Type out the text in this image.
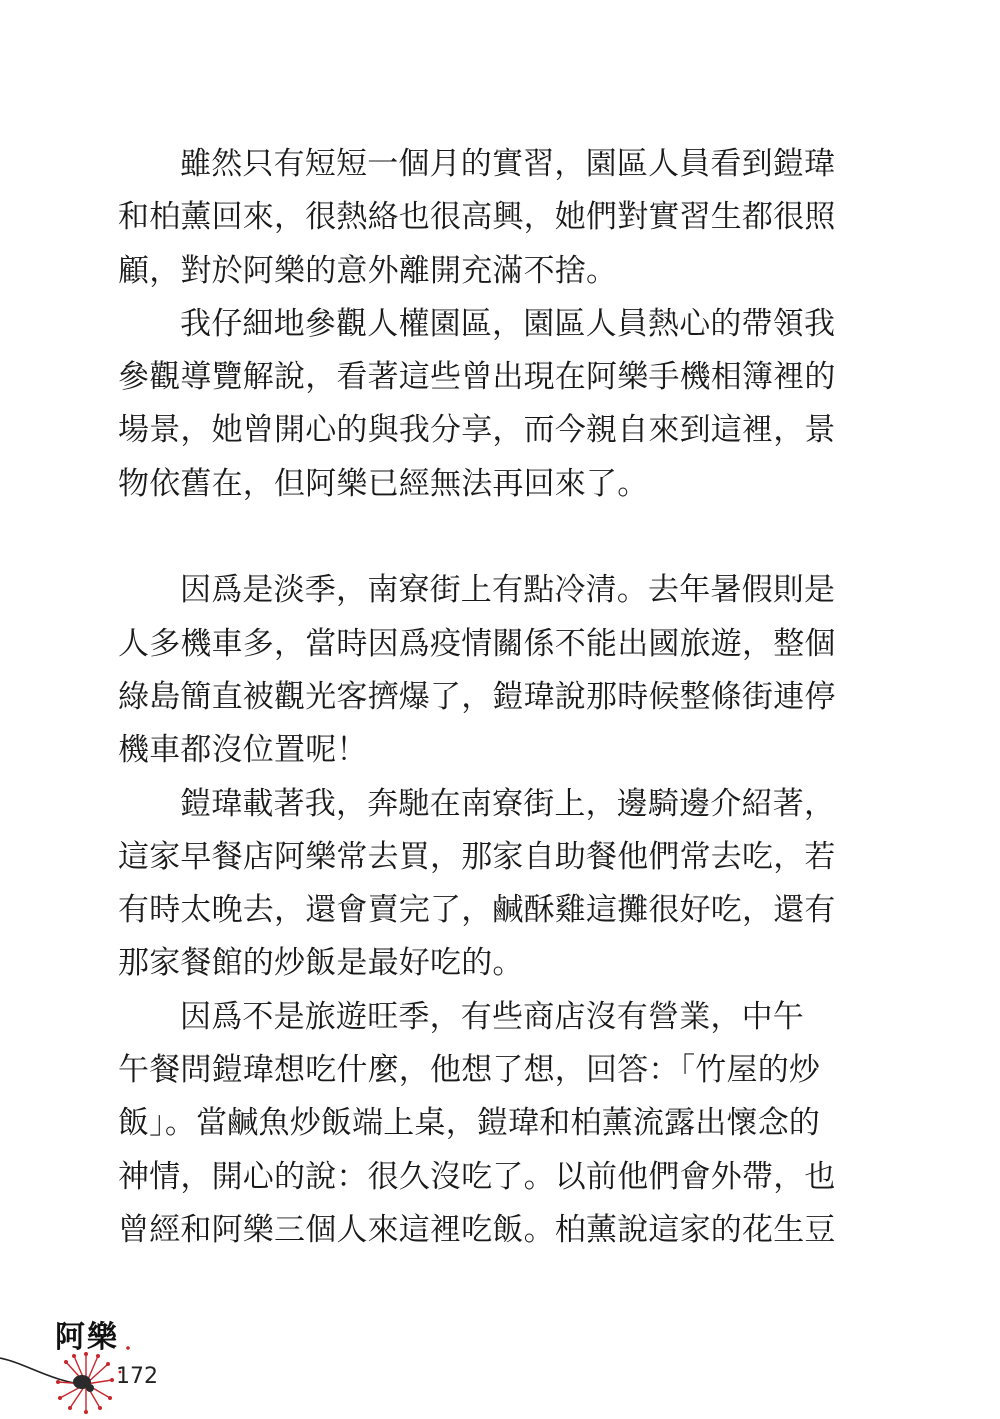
雖然只有短短一個月的實習，園區人員看到鎧瑋
和柏薰回來，很熱絡也很高興，她們對實習生都很照
顧，對於阿樂的意外離開充滿不捨。
我仔細地參觀人權園區，園區人員熱心的帶領我
參觀導覽解說，看著這些曾出現在阿樂手機相簿裡的
場景，她曾開心的與我分享，而今親自來到這裡，景
物依舊在，但阿樂已經無法再回來了。
因爲是淡季，南寮街上有點冷清。去年暑假則是
人多機車多，當時因爲疫情關係不能出國旅遊，整個
綠島簡直被觀光客擠爆了，鎧瑋說那時候整條街連停
機車都沒位置呢！
鎧瑋載著我，奔馳在南寮街上，邊騎邊介紹著，
這家早餐店阿樂常去買，那家自助餐他們常去吃，若
有時太晚去，還會賣完了，鹹酥雞這攤很好吃，還有
那家餐館的炒飯是最好吃的。
因爲不是旅遊旺季，有些商店沒有營業，中午
午餐問鎧瑋想吃什麼，他想了想，回答：「竹屋的炒
飯」。當鹹魚炒飯端上桌，鎧瑋和柏薰流露出懷念的
神情，開心的說：很久沒吃了。以前他們會外帶，也
曾經和阿樂三個人來這裡吃飯。柏薰說這家的花生豆
阿樂
172
